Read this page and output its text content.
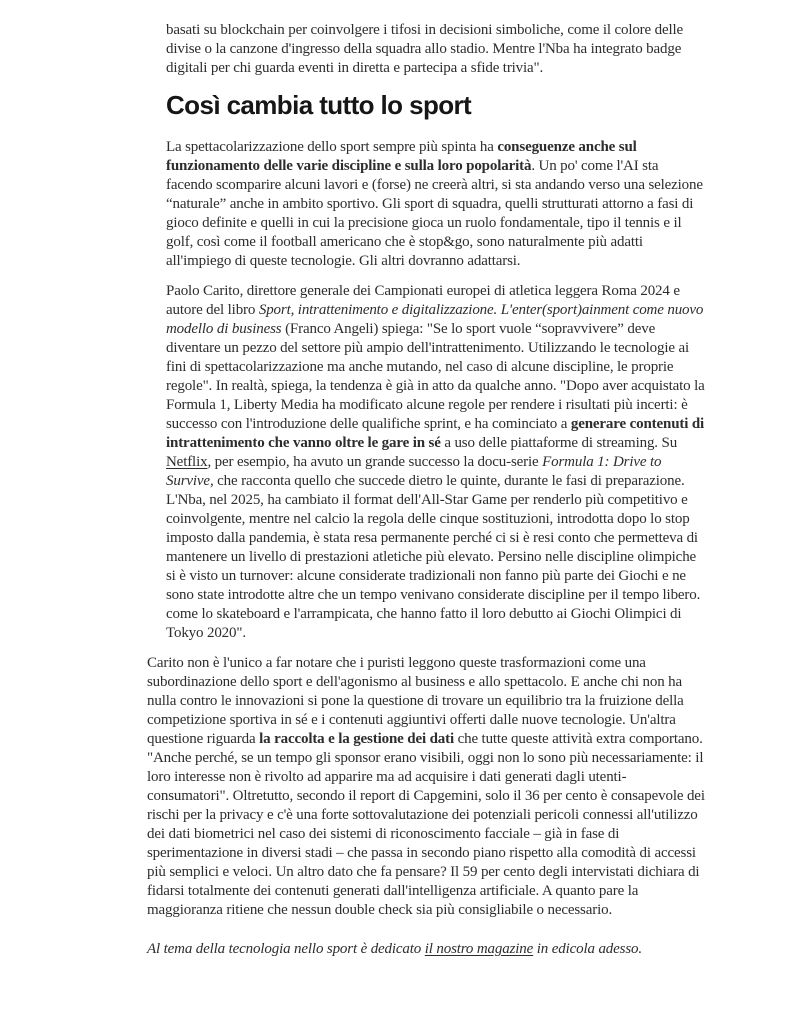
basati su blockchain per coinvolgere i tifosi in decisioni simboliche, come il colore delle divise o la canzone d'ingresso della squadra allo stadio. Mentre l'Nba ha integrato badge digitali per chi guarda eventi in diretta e partecipa a sfide trivia".

Così cambia tutto lo sport

La spettacolarizzazione dello sport sempre più spinta ha conseguenze anche sul funzionamento delle varie discipline e sulla loro popolarità. Un po' come l'AI sta facendo scomparire alcuni lavori e (forse) ne creerà altri, si sta andando verso una selezione “naturale” anche in ambito sportivo. Gli sport di squadra, quelli strutturati attorno a fasi di gioco definite e quelli in cui la precisione gioca un ruolo fondamentale, tipo il tennis e il golf, così come il football americano che è stop&go, sono naturalmente più adatti all'impiego di queste tecnologie. Gli altri dovranno adattarsi.

Paolo Carito, direttore generale dei Campionati europei di atletica leggera Roma 2024 e autore del libro Sport, intrattenimento e digitalizzazione. L'enter(sport)ainment come nuovo modello di business (Franco Angeli) spiega: "Se lo sport vuole “sopravvivere” deve diventare un pezzo del settore più ampio dell'intrattenimento. Utilizzando le tecnologie ai fini di spettacolarizzazione ma anche mutando, nel caso di alcune discipline, le proprie regole". In realtà, spiega, la tendenza è già in atto da qualche anno. "Dopo aver acquistato la Formula 1, Liberty Media ha modificato alcune regole per rendere i risultati più incerti: è successo con l'introduzione delle qualifiche sprint, e ha cominciato a generare contenuti di intrattenimento che vanno oltre le gare in sé a uso delle piattaforme di streaming. Su Netflix, per esempio, ha avuto un grande successo la docu-serie Formula 1: Drive to Survive, che racconta quello che succede dietro le quinte, durante le fasi di preparazione. L'Nba, nel 2025, ha cambiato il format dell'All-Star Game per renderlo più competitivo e coinvolgente, mentre nel calcio la regola delle cinque sostituzioni, introdotta dopo lo stop imposto dalla pandemia, è stata resa permanente perché ci si è resi conto che permetteva di mantenere un livello di prestazioni atletiche più elevato. Persino nelle discipline olimpiche si è visto un turnover: alcune considerate tradizionali non fanno più parte dei Giochi e ne sono state introdotte altre che un tempo venivano considerate discipline per il tempo libero. come lo skateboard e l'arrampicata, che hanno fatto il loro debutto ai Giochi Olimpici di Tokyo 2020".

Carito non è l'unico a far notare che i puristi leggono queste trasformazioni come una subordinazione dello sport e dell'agonismo al business e allo spettacolo. E anche chi non ha nulla contro le innovazioni si pone la questione di trovare un equilibrio tra la fruizione della competizione sportiva in sé e i contenuti aggiuntivi offerti dalle nuove tecnologie. Un'altra questione riguarda la raccolta e la gestione dei dati che tutte queste attività extra comportano. "Anche perché, se un tempo gli sponsor erano visibili, oggi non lo sono più necessariamente: il loro interesse non è rivolto ad apparire ma ad acquisire i dati generati dagli utenti-consumatori". Oltretutto, secondo il report di Capgemini, solo il 36 per cento è consapevole dei rischi per la privacy e c'è una forte sottovalutazione dei potenziali pericoli connessi all'utilizzo dei dati biometrici nel caso dei sistemi di riconoscimento facciale – già in fase di sperimentazione in diversi stadi – che passa in secondo piano rispetto alla comodità di accessi più semplici e veloci. Un altro dato che fa pensare? Il 59 per cento degli intervistati dichiara di fidarsi totalmente dei contenuti generati dall'intelligenza artificiale. A quanto pare la maggioranza ritiene che nessun double check sia più consigliabile o necessario.

Al tema della tecnologia nello sport è dedicato il nostro magazine in edicola adesso.
